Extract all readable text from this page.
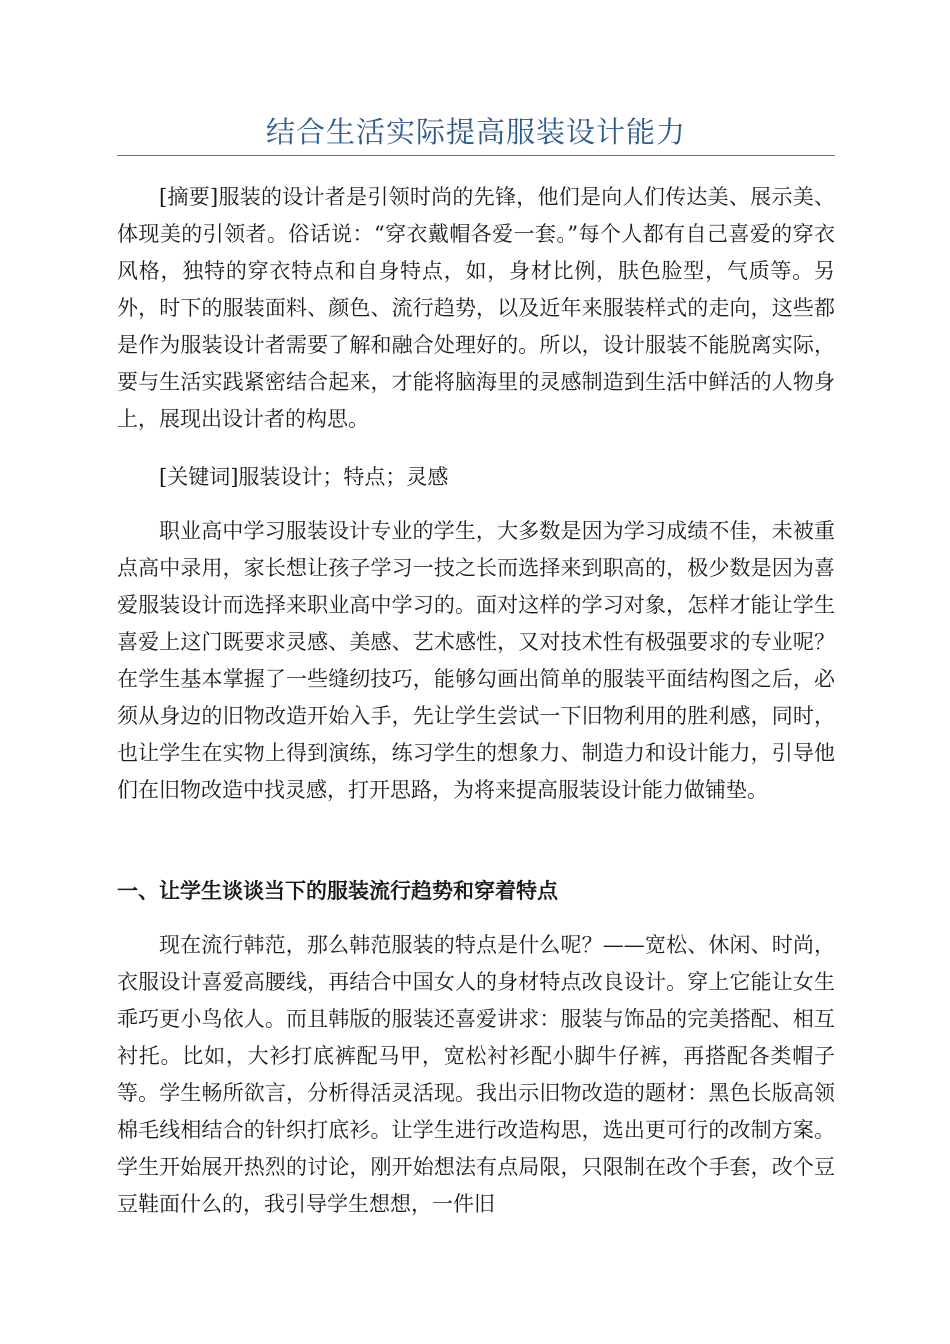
结合生活实际提高服装设计能力

[摘要]服装的设计者是引领时尚的先锋，他们是向人们传达美、展示美、体现美的引领者。俗话说：“穿衣戴帽各爱一套。”每个人都有自己喜爱的穿衣风格，独特的穿衣特点和自身特点，如，身材比例，肤色脸型，气质等。另外，时下的服装面料、颜色、流行趋势，以及近年来服装样式的走向，这些都是作为服装设计者需要了解和融合处理好的。所以，设计服装不能脱离实际，要与生活实践紧密结合起来，才能将脑海里的灵感制造到生活中鲜活的人物身上，展现出设计者的构思。

[关键词]服装设计；特点；灵感

职业高中学习服装设计专业的学生，大多数是因为学习成绩不佳，未被重点高中录用，家长想让孩子学习一技之长而选择来到职高的，极少数是因为喜爱服装设计而选择来职业高中学习的。面对这样的学习对象，怎样才能让学生喜爱上这门既要求灵感、美感、艺术感性，又对技术性有极强要求的专业呢？在学生基本掌握了一些缝纫技巧，能够勾画出简单的服装平面结构图之后，必须从身边的旧物改造开始入手，先让学生尝试一下旧物利用的胜利感，同时，也让学生在实物上得到演练，练习学生的想象力、制造力和设计能力，引导他们在旧物改造中找灵感，打开思路，为将来提高服装设计能力做铺垫。

一、让学生谈谈当下的服装流行趋势和穿着特点

现在流行韩范，那么韩范服装的特点是什么呢？——宽松、休闲、时尚，衣服设计喜爱高腰线，再结合中国女人的身材特点改良设计。穿上它能让女生乖巧更小鸟依人。而且韩版的服装还喜爱讲求：服装与饰品的完美搭配、相互衬托。比如，大衫打底裤配马甲，宽松衬衫配小脚牛仔裤，再搭配各类帽子等。学生畅所欲言，分析得活灵活现。我出示旧物改造的题材：黑色长版高领棉毛线相结合的针织打底衫。让学生进行改造构思，选出更可行的改制方案。学生开始展开热烈的讨论，刚开始想法有点局限，只限制在改个手套，改个豆豆鞋面什么的，我引导学生想想，一件旧
